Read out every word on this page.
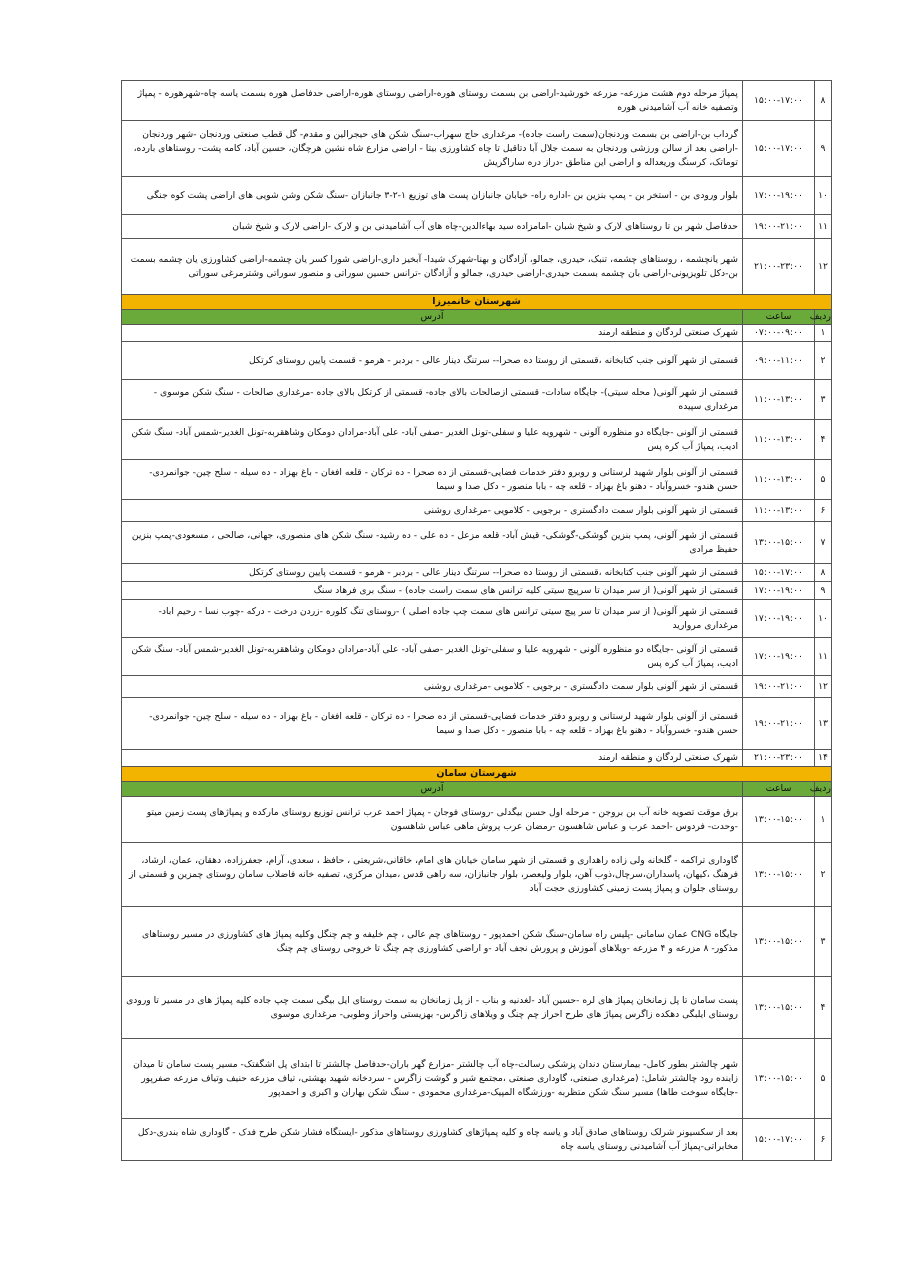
۸	۱۵:۰۰-۱۷:۰۰	پمپاژ مرحله دوم هشت مزرعه- مزرعه خورشید-اراضی بن بسمت روستای هوره-اراضی روستای هوره-اراضی حدفاصل هوره بسمت یاسه چاه-شهرهوره - پمپاژ وتصفیه خانه آب آشامیدنی هوره
۹	۱۵:۰۰-۱۷:۰۰	گرداب بن-اراضی بن بسمت وردنجان(سمت راست جاده)- مرغداری حاج سهراب-سنگ شکن های حیجرالین و مقدم- گل قطب صنعتی وردنجان -شهر وردنجان -اراضی بعد از سالن ورزشی وردنجان به سمت جلال آبا دتاقبل تا چاه کشاورزی بیتا - اراضی مزارع شاه نشین هرچگان، حسین آباد، کامه پشت- روستاهای بارده، توماتک، کرسنگ وریعداله و اراضی این مناطق -دراز دره ساراگریش
۱۰	۱۷:۰۰-۱۹:۰۰	بلوار ورودی بن - استخر بن - پمپ بنزین بن -اداره راه- خیابان جانبازان پست های توزیع ۱-۲-۳ جانبازان -سنگ شکن وشن شویی های اراضی پشت کوه جنگی
۱۱	۱۹:۰۰-۲۱:۰۰	حدفاصل شهر بن تا روستاهای لارک و شیخ شبان -امامزاده سید بهاءالدین-چاه های آب آشامیدنی بن و لارک -اراضی لارک و شیخ شبان
۱۲	۲۱:۰۰-۲۳:۰۰	شهر یانچشمه ، روستاهای چشمه، تنبک، حیدری، جمالو، آزادگان و بهنا-شهرک شیدا- آبخیز داری-اراضی شورا کسر یان چشمه-اراضی کشاورزی یان چشمه بسمت بن-دکل تلویزیونی-اراضی بان چشمه بسمت حیدری-اراضی حیدری، جمالو و آزادگان -ترانس حسین سوراتی و منصور سوراتی وشترمرغی سوراتی
شهرستان خانمیرزا		
ردیف	ساعت	آدرس
۱	۰۷:۰۰-۰۹:۰۰	شهرک صنعتی لردگان و منطقه ارمند
۲	۰۹:۰۰-۱۱:۰۰	قسمتی از شهر آلونی جنب کتابخانه ،قسمتی از روستا ده صحرا-- سرتنگ دینار عالی - بردبر - هرمو - قسمت پایین روستای کرتکل
۳	۱۱:۰۰-۱۳:۰۰	قسمتی از شهر آلونی( محله سیتی)- جایگاه سادات- قسمتی ازصالحات بالای جاده- قسمتی از کرتکل بالای جاده -مرغداری صالحات - سنگ شکن موسوی - مرغداری سپیده
۴	۱۱:۰۰-۱۳:۰۰	قسمتی از آلونی -جایگاه دو منظوره آلونی - شهرویه علیا و سفلی-تونل الغدیر -صفی آباد- علی آباد-مرادان دومکان وشاهقربه-تونل الغدیر-شمس آباد- سنگ شکن ادیب، پمپاژ آب کره پس
۵	۱۱:۰۰-۱۳:۰۰	قسمتی از آلونی بلوار شهید لرستانی و روبرو دفتر خدمات فضایی-قسمتی از ده صحرا - ده ترکان - قلعه افغان - باغ بهزاد - ده سیله - سلح چین- جوانمردی- حسن هندو- خسروآباد - دهنو باغ بهزاد - قلعه چه - بابا منصور - دکل صدا و سیما
۶	۱۱:۰۰-۱۳:۰۰	قسمتی از شهر آلونی بلوار سمت دادگستری - برجویی - کلامویی -مرغداری روشنی
۷	۱۳:۰۰-۱۵:۰۰	قسمتی از شهر آلونی، پمپ بنزین گوشکی-گوشکی- قیش آباد- قلعه مزعل - ده علی - ده رشید- سنگ شکن های منصوری، جهانی، صالحی ، مسعودی-پمپ بنزین حفیظ مرادی
۸	۱۵:۰۰-۱۷:۰۰	قسمتی از شهر آلونی جنب کتابخانه ،قسمتی از روستا ده صحرا-- سرتنگ دینار عالی - بردبر - هرمو - قسمت پایین روستای کرتکل
۹	۱۷:۰۰-۱۹:۰۰	قسمتی از شهر آلونی( از سر میدان تا سرپیچ سیتی کلیه ترانس های سمت راست جاده) - سنگ بری فرهاد سنگ
۱۰	۱۷:۰۰-۱۹:۰۰	قسمتی از شهر آلونی( از سر میدان تا سر پیچ سیتی ترانس های سمت چپ جاده اصلی ) -روستای تنگ کلوره -زردن درخت - درکه -چوب نسا - رحیم اباد-مرغداری مروارید
۱۱	۱۷:۰۰-۱۹:۰۰	قسمتی از آلونی -جایگاه دو منظوره آلونی - شهرویه علیا و سفلی-تونل الغدیر -صفی آباد- علی آباد-مرادان دومکان وشاهقربه-تونل الغدیر-شمس آباد- سنگ شکن ادیب، پمپاژ آب کره پس
۱۲	۱۹:۰۰-۲۱:۰۰	قسمتی از شهر آلونی بلوار سمت دادگستری - برجویی - کلامویی -مرغداری روشنی
۱۳	۱۹:۰۰-۲۱:۰۰	قسمتی از آلونی بلوار شهید لرستانی و روبرو دفتر خدمات فضایی-قسمتی از ده صحرا - ده ترکان - قلعه افغان - باغ بهزاد - ده سیله - سلح چین- جوانمردی- حسن هندو- خسروآباد - دهنو باغ بهزاد - قلعه چه - بابا منصور - دکل صدا و سیما
۱۴	۲۱:۰۰-۲۳:۰۰	شهرک صنعتی لردگان و منطقه ارمند
شهرستان سامان		
ردیف	ساعت	آدرس
۱	۱۳:۰۰-۱۵:۰۰	برق موقت تصویه خانه آب بن بروجن - مرحله اول حسن بیگدلی -روستای فوجان - پمپاژ احمد عرب ترانس توزیع روستای مارکده و پمپاژهای پست زمین میتو -وحدت- فردوس -احمد عرب و عباس شاهسون -رمضان عرب پروش ماهی عباس شاهسون
۲	۱۳:۰۰-۱۵:۰۰	گاوداری تراکمه - گلخانه ولی زاده راهداری و قسمتی از شهر سامان خیابان های امام، خاقانی،شریعتی ، حافظ ، سعدی، آرام، جعفرزاده، دهقان، عمان، ارشاد، فرهنگ ،کیهان، پاسداران،سرچال،ذوب آهن، بلوار ولیعصر، بلوار جانبازان، سه راهی قدس ،میدان مرکزی، تصفیه خانه فاضلاب سامان روستای چمزین و قسمتی از روستای جلوان و پمپاژ پست زمینی کشاورزی حجت آباد
۳	۱۳:۰۰-۱۵:۰۰	جایگاه CNG عمان سامانی -پلیس راه سامان-سنگ شکن احمدپور - روستاهای چم عالی ، چم خلیفه و چم چنگل وکلیه پمپاژ های کشاورزی در مسیر روستاهای مذکور- ۸ مزرعه و ۴ مزرعه -ویلاهای آموزش و پرورش نجف آباد -و اراضی کشاورزی چم چنگ تا خروجی روستای چم چنگ
۴	۱۳:۰۰-۱۵:۰۰	پست سامان تا پل زمانخان پمپاژ های لره -حسین آباد -لغدنیه و بناب - از پل زمانخان به سمت روستای ایل بیگی سمت چپ جاده کلیه پمپاژ های در مسیر تا ورودی روستای ایلبگی دهکده زاگرس پمپاژ های طرح احراز چم چنگ و ویلاهای زاگرس- بهزیستی واحراز وطوبی- مرغداری موسوی
۵	۱۳:۰۰-۱۵:۰۰	شهر چالشتر بطور کامل- بیمارستان دندان پزشکی رسالت-چاه آب چالشتر -مزارع گهر باران-حدفاصل چالشتر تا ابتدای پل اشگفتک- مسیر پست سامان تا میدان زاینده رود چالشتر شامل: (مرغداری صنعتی، گاوداری صنعتی ،مجتمع شیر و گوشت زاگرس - سردخانه شهید بهشتی، تیاف مزرعه حنیف وتیاف مزرعه صفرپور -جایگاه سوخت طاها) مسیر سنگ شکن متظربه -ورزشگاه المپیک-مرغداری محمودی - سنگ شکن بهاران و اکبری و احمدپور
۶	۱۵:۰۰-۱۷:۰۰	بعد از سکسیونر شرلک روستاهای صادق آباد و یاسه چاه و کلیه پمپاژهای کشاورزی روستاهای مذکور -ایستگاه فشار شکن طرح فدک - گاوداری شاه بندری-دکل مخابراتی-پمپاژ آب آشامیدنی روستای یاسه چاه
